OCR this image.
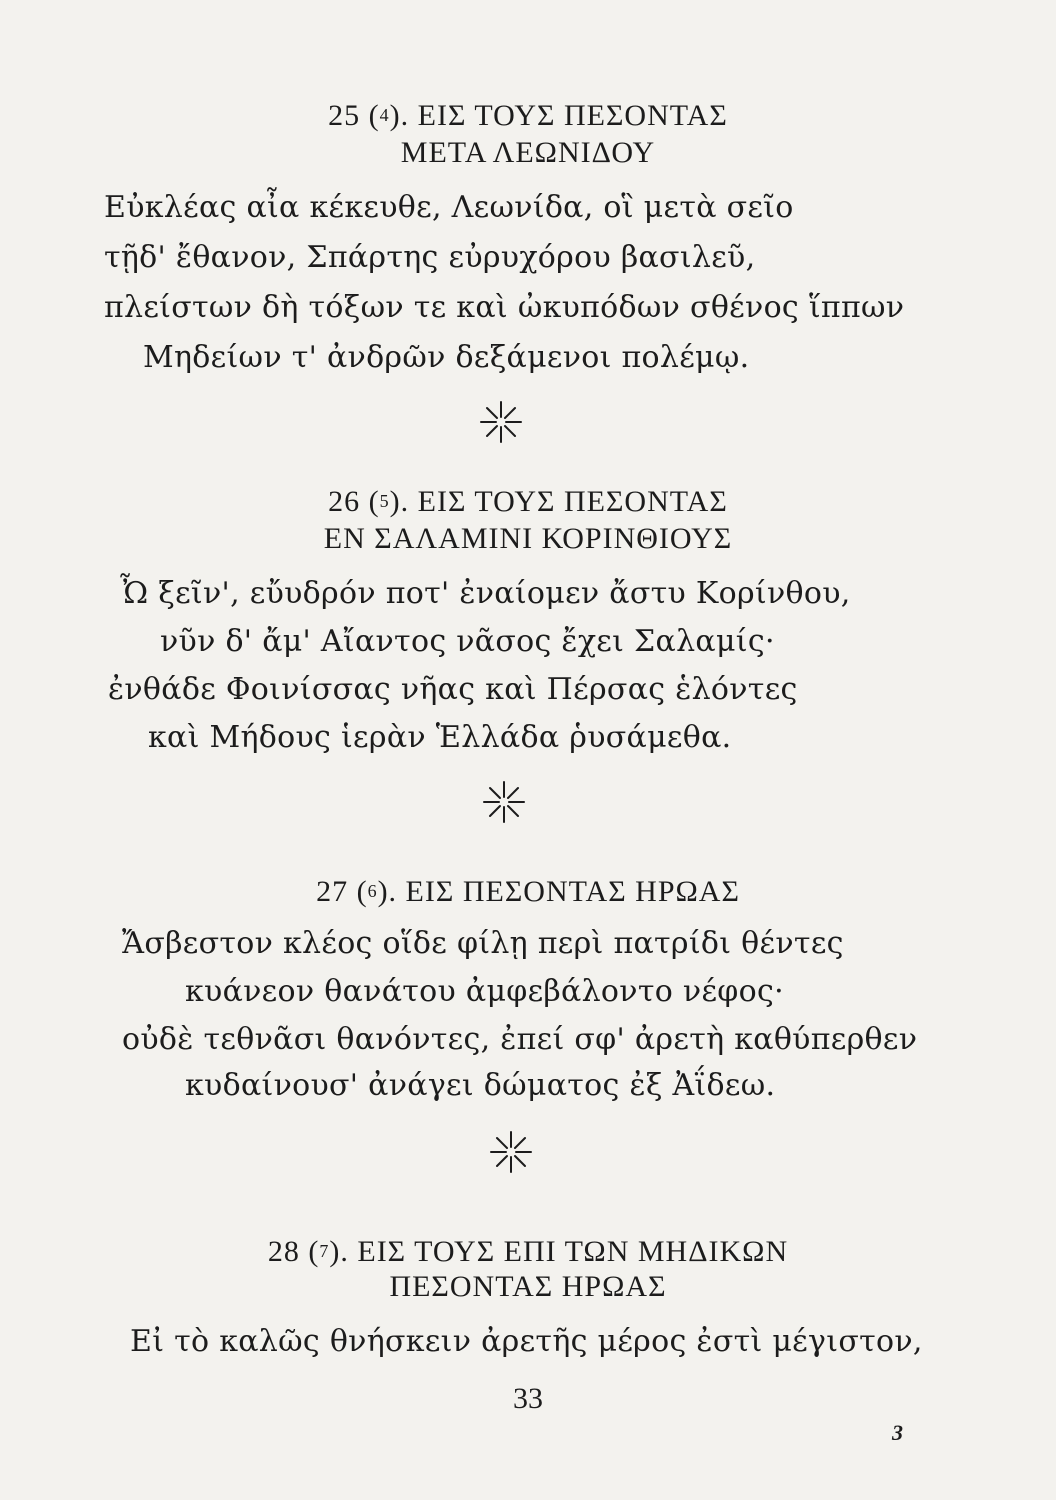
25 (4). ΕΙΣ ΤΟΥΣ ΠΕΣΟΝΤΑΣ
ΜΕΤΑ ΛΕΩΝΙΔΟΥ
Εὐκλέας αἶα κέκευθε, Λεωνίδα, οἳ μετὰ σεῖο
τῇδ' ἔθανον, Σπάρτης εὐρυχόρου βασιλεῦ,
πλείστων δὴ τόξων τε καὶ ὠκυπόδων σθένος ἵππων
Μηδείων τ' ἀνδρῶν δεξάμενοι πολέμῳ.
26 (5). ΕΙΣ ΤΟΥΣ ΠΕΣΟΝΤΑΣ
ΕΝ ΣΑΛΑΜΙΝΙ ΚΟΡΙΝΘΙΟΥΣ
Ὦ ξεῖν', εὔυδρόν ποτ' ἐναίομεν ἄστυ Κορίνθου,
νῦν δ' ἄμ' Αἴαντος νᾶσος ἔχει Σαλαμίς·
ἐνθάδε Φοινίσσας νῆας καὶ Πέρσας ἑλόντες
καὶ Μήδους ἱερὰν Ἑλλάδα ῥυσάμεθα.
27 (6). ΕΙΣ ΠΕΣΟΝΤΑΣ ΗΡΩΑΣ
Ἄσβεστον κλέος οἵδε φίλῃ περὶ πατρίδι θέντες
κυάνεον θανάτου ἀμφεβάλοντο νέφος·
οὐδὲ τεθνᾶσι θανόντες, ἐπεί σφ' ἀρετὴ καθύπερθεν
κυδαίνουσ' ἀνάγει δώματος ἐξ Ἀΐδεω.
28 (7). ΕΙΣ ΤΟΥΣ ΕΠΙ ΤΩΝ ΜΗΔΙΚΩΝ
ΠΕΣΟΝΤΑΣ ΗΡΩΑΣ
Εἰ τὸ καλῶς θνήσκειν ἀρετῆς μέρος ἐστὶ μέγιστον,
33
3
